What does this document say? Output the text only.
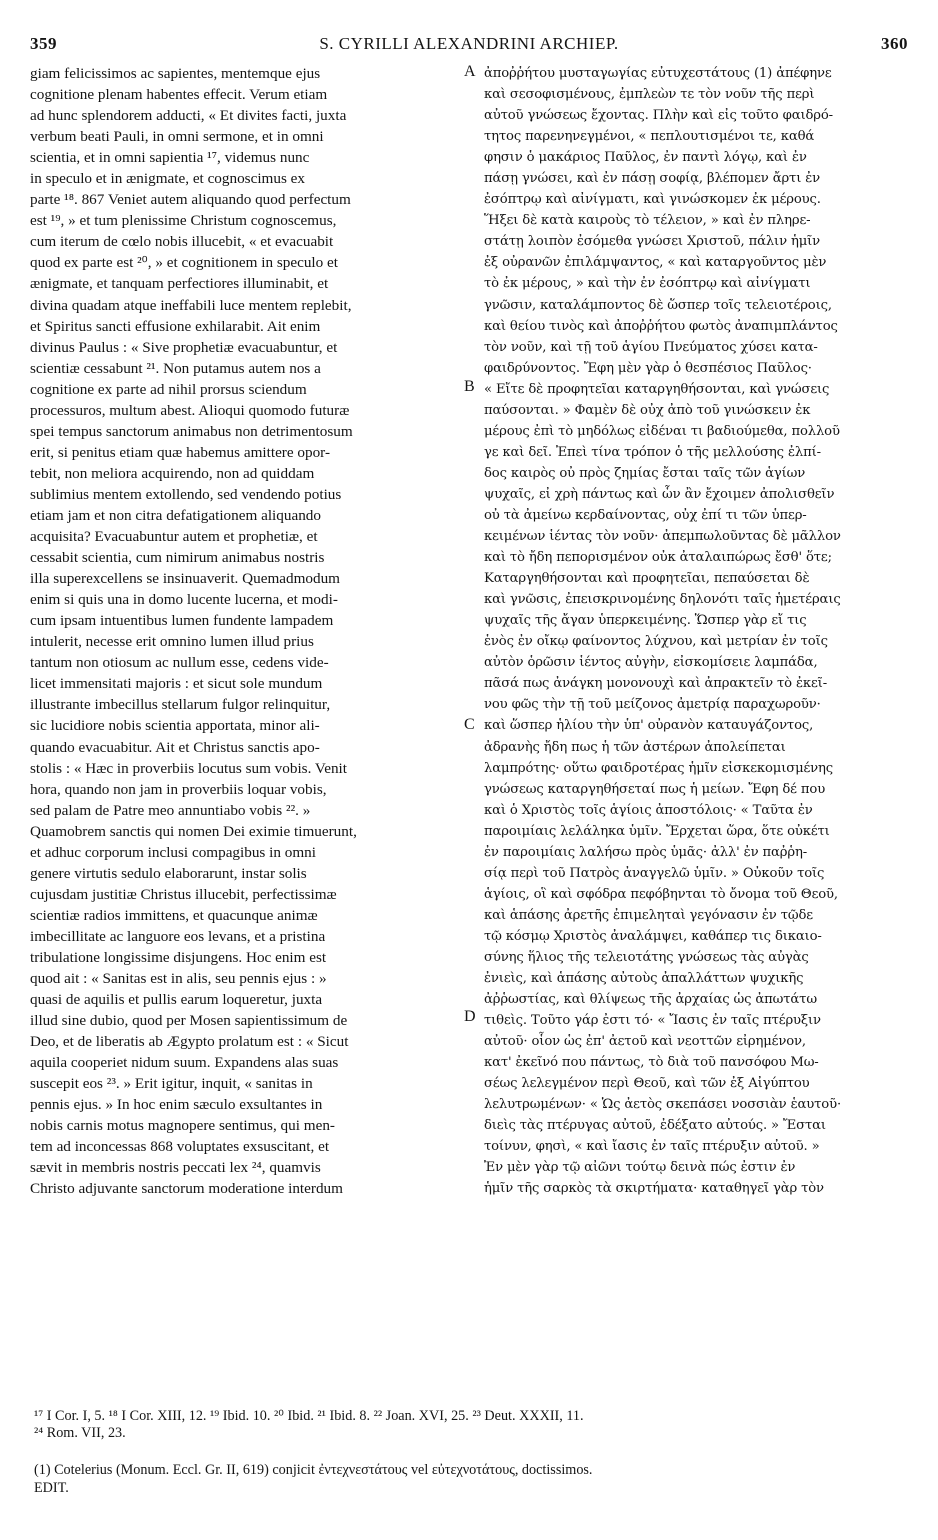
359	S. CYRILLI ALEXANDRINI ARCHIEP.	360
giam felicissimos ac sapientes, mentemque ejus
cognitione plenam habentes effecit. Verum etiam
ad hunc splendorem adducti, « Et divites facti, juxta
verbum beati Pauli, in omni sermone, et in omni
scientia, et in omni sapientia ¹⁷, videmus nunc
in speculo et in ænigmate, et cognoscimus ex
parte ¹⁸. 867 Veniet autem aliquando quod perfectum
est ¹⁹, » et tum plenissime Christum cognoscemus,
cum iterum de cœlo nobis illucebit, « et evacuabit
quod ex parte est ²⁰, » et cognitionem in speculo et
ænigmate, et tanquam perfectiores illuminabit, et
divina quadam atque ineffabili luce mentem replebit,
et Spiritus sancti effusione exhilarabit. Ait enim
divinus Paulus : « Sive prophetiæ evacuabuntur, et
scientiæ cessabunt ²¹. Non putamus autem nos a
cognitione ex parte ad nihil prorsus sciendum
processuros, multum abest. Alioqui quomodo futuræ
spei tempus sanctorum animabus non detrimentosum
erit, si penitus etiam quæ habemus amittere opor-
tebit, non meliora acquirendo, non ad quiddam
sublimius mentem extollendo, sed vendendo potius
etiam jam et non citra defatigationem aliquando
acquisita? Evacuabuntur autem et prophetiæ, et
cessabit scientia, cum nimirum animabus nostris
illa superexcellens se insinuaverit. Quemadmodum
enim si quis una in domo lucente lucerna, et modi-
cum ipsam intuentibus lumen fundente lampadem
intulerit, necesse erit omnino lumen illud prius
tantum non otiosum ac nullum esse, cedens vide-
licet immensitati majoris : et sicut sole mundum
illustrante imbecillus stellarum fulgor relinquitur,
sic lucidiore nobis scientia apportata, minor ali-
quando evacuabitur. Ait et Christus sanctis apo-
stolis : « Hæc in proverbiis locutus sum vobis. Venit
hora, quando non jam in proverbiis loquar vobis,
sed palam de Patre meo annuntiabo vobis ²². »
Quamobrem sanctis qui nomen Dei eximie timuerunt,
et adhuc corporum inclusi compagibus in omni
genere virtutis sedulo elaborarunt, instar solis
cujusdam justitiæ Christus illucebit, perfectissimæ
scientiæ radios immittens, et quacunque animæ
imbecillitate ac languore eos levans, et a pristina
tribulatione longissime disjungens. Hoc enim est
quod ait : « Sanitas est in alis, seu pennis ejus : »
quasi de aquilis et pullis earum loqueretur, juxta
illud sine dubio, quod per Mosen sapientissimum de
Deo, et de liberatis ab Ægypto prolatum est : « Sicut
aquila cooperiet nidum suum. Expandens alas suas
suscepit eos ²³. » Erit igitur, inquit, « sanitas in
pennis ejus. » In hoc enim sæculo exsultantes in
nobis carnis motus magnopere sentimus, qui men-
tem ad inconcessas 868 voluptates exsuscitant, et
sævit in membris nostris peccati lex ²⁴, quamvis
Christo adjuvante sanctorum moderatione interdum
ἀποῤῥήτου μυσταγωγίας εὐτυχεστάτους (1) ἀπέφηνε
καὶ σεσοφισμένους, ἐμπλεὼν τε τὸν νοῦν τῆς περὶ
αὐτοῦ γνώσεως ἔχοντας. Πλὴν καὶ εἰς τοῦτο φαιδρό-
τητος παρενηνεγμένοι, « πεπλουτισμένοι τε, καθά
φησιν ὁ μακάριος Παῦλος, ἐν παντὶ λόγῳ, καὶ ἐν
πάσῃ γνώσει, καὶ ἐν πάσῃ σοφίᾳ, βλέπομεν ἄρτι ἐν
ἐσόπτρῳ καὶ αἰνίγματι, καὶ γινώσκομεν ἐκ μέρους.
Ἥξει δὲ κατὰ καιροὺς τὸ τέλειον, » καὶ ἐν πληρε-
στάτῃ λοιπὸν ἐσόμεθα γνώσει Χριστοῦ, πάλιν ἡμῖν
ἐξ οὐρανῶν ἐπιλάμψαντος, « καὶ καταργοῦντος μὲν
τὸ ἐκ μέρους, » καὶ τὴν ἐν ἐσόπτρῳ καὶ αἰνίγματι
γνῶσιν, καταλάμποντος δὲ ὥσπερ τοῖς τελειοτέροις,
καὶ θείου τινὸς καὶ ἀποῤῥήτου φωτὸς ἀναπιμπλάντος
τὸν νοῦν, καὶ τῇ τοῦ ἁγίου Πνεύματος χύσει κατα-
φαιδρύνοντος. Ἔφη μὲν γὰρ ὁ θεσπέσιος Παῦλος·
« Εἴτε δὲ προφητεῖαι καταργηθήσονται, καὶ γνώσεις
παύσονται. » Φαμὲν δὲ οὐχ ἀπὸ τοῦ γινώσκειν ἐκ
μέρους ἐπὶ τὸ μηδόλως εἰδέναι τι βαδιούμεθα, πολλοῦ
γε καὶ δεῖ. Ἐπεὶ τίνα τρόπον ὁ τῆς μελλούσης ἐλπί-
δος καιρὸς οὐ πρὸς ζημίας ἔσται ταῖς τῶν ἁγίων
ψυχαῖς, εἰ χρὴ πάντως καὶ ὧν ἂν ἔχοιμεν ἀπολισθεῖν
οὐ τὰ ἀμείνω κερδαίνοντας, οὐχ ἐπί τι τῶν ὑπερ-
κειμένων ἱέντας τὸν νοῦν· ἀπεμπωλοῦντας δὲ μᾶλλον
καὶ τὸ ἤδη πεπορισμένον οὐκ ἀταλαιπώρως ἔσθ' ὅτε;
Καταργηθήσονται καὶ προφητεῖαι, πεπαύσεται δὲ
καὶ γνῶσις, ἐπεισκρινομένης δηλονότι ταῖς ἡμετέραις
ψυχαῖς τῆς ἄγαν ὑπερκειμένης. Ὥσπερ γὰρ εἴ τις
ἑνὸς ἐν οἴκῳ φαίνοντος λύχνου, καὶ μετρίαν ἐν τοῖς
αὐτὸν ὁρῶσιν ἱέντος αὐγὴν, εἰσκομίσειε λαμπάδα,
πᾶσά πως ἀνάγκη μονονουχὶ καὶ ἀπρακτεῖν τὸ ἐκεῖ-
νου φῶς τὴν τῇ τοῦ μείζονος ἀμετρίᾳ παραχωροῦν·
καὶ ὥσπερ ἡλίου τὴν ὑπ' οὐρανὸν καταυγάζοντος,
ἀδρανὴς ἤδη πως ἡ τῶν ἀστέρων ἀπολείπεται
λαμπρότης· οὕτω φαιδροτέρας ἡμῖν εἰσκεκομισμένης
γνώσεως καταργηθήσεταί πως ἡ μείων. Ἔφη δέ που
καὶ ὁ Χριστὸς τοῖς ἁγίοις ἀποστόλοις· « Ταῦτα ἐν
παροιμίαις λελάληκα ὑμῖν. Ἔρχεται ὥρα, ὅτε οὐκέτι
ἐν παροιμίαις λαλήσω πρὸς ὑμᾶς· ἀλλ' ἐν παῤῥη-
σίᾳ περὶ τοῦ Πατρὸς ἀναγγελῶ ὑμῖν. » Οὐκοῦν τοῖς
ἁγίοις, οἳ καὶ σφόδρα πεφόβηνται τὸ ὄνομα τοῦ Θεοῦ,
καὶ ἁπάσης ἀρετῆς ἐπιμεληταὶ γεγόνασιν ἐν τῷδε
τῷ κόσμῳ Χριστὸς ἀναλάμψει, καθάπερ τις δικαιο-
σύνης ἥλιος τῆς τελειοτάτης γνώσεως τὰς αὐγὰς
ἐνιεὶς, καὶ ἁπάσης αὐτοὺς ἀπαλλάττων ψυχικῆς
ἀῤῥωστίας, καὶ θλίψεως τῆς ἀρχαίας ὡς ἀπωτάτω
τιθεὶς. Τοῦτο γάρ ἐστι τό· « Ἴασις ἐν ταῖς πτέρυξιν
αὐτοῦ· οἷον ὡς ἐπ' ἀετοῦ καὶ νεοττῶν εἰρημένον,
κατ' ἐκεῖνό που πάντως, τὸ διὰ τοῦ πανσόφου Μω-
σέως λελεγμένον περὶ Θεοῦ, καὶ τῶν ἐξ Αἰγύπτου
λελυτρωμένων· « Ὡς ἀετὸς σκεπάσει νοσσιὰν ἑαυτοῦ·
διεὶς τὰς πτέρυγας αὐτοῦ, ἐδέξατο αὐτούς. » Ἔσται
τοίνυν, φησὶ, « καὶ ἴασις ἐν ταῖς πτέρυξιν αὐτοῦ. »
Ἐν μὲν γὰρ τῷ αἰῶνι τούτῳ δεινὰ πώς ἐστιν ἐν
ἡμῖν τῆς σαρκὸς τὰ σκιρτήματα· καταθηγεῖ γὰρ τὸν
A
B
C
D
¹⁷ I Cor. I, 5. ¹⁸ I Cor. XIII, 12. ¹⁹ Ibid. 10. ²⁰ Ibid. ²¹ Ibid. 8. ²² Joan. XVI, 25. ²³ Deut. XXXII, 11.
²⁴ Rom. VII, 23.
(1) Cotelerius (Monum. Eccl. Gr. II, 619) conjicit ἐντεχνεστάτους vel εὐτεχνοτάτους, doctissimos.
EDIT.
